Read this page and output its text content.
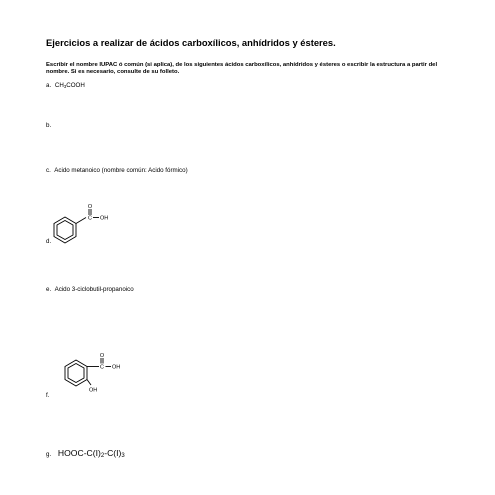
Ejercicios a realizar de ácidos carboxílicos, anhídridos y ésteres.
Escribir el nombre IUPAC ó común (si aplica), de los siguientes ácidos carboxílicos, anhídridos y ésteres o escribir la estructura a partir del nombre. Si es necesario, consulte de su folleto.
a. $CH_3COOH$
b.
c. Acido metanoico (nombre común: Acido fórmico)
O
C OH
d.
e. Acido 3-ciclobutil-propanoico
O
C OH
OH
f.
g. HOOC-$C(I)_2-C(I)_3$
